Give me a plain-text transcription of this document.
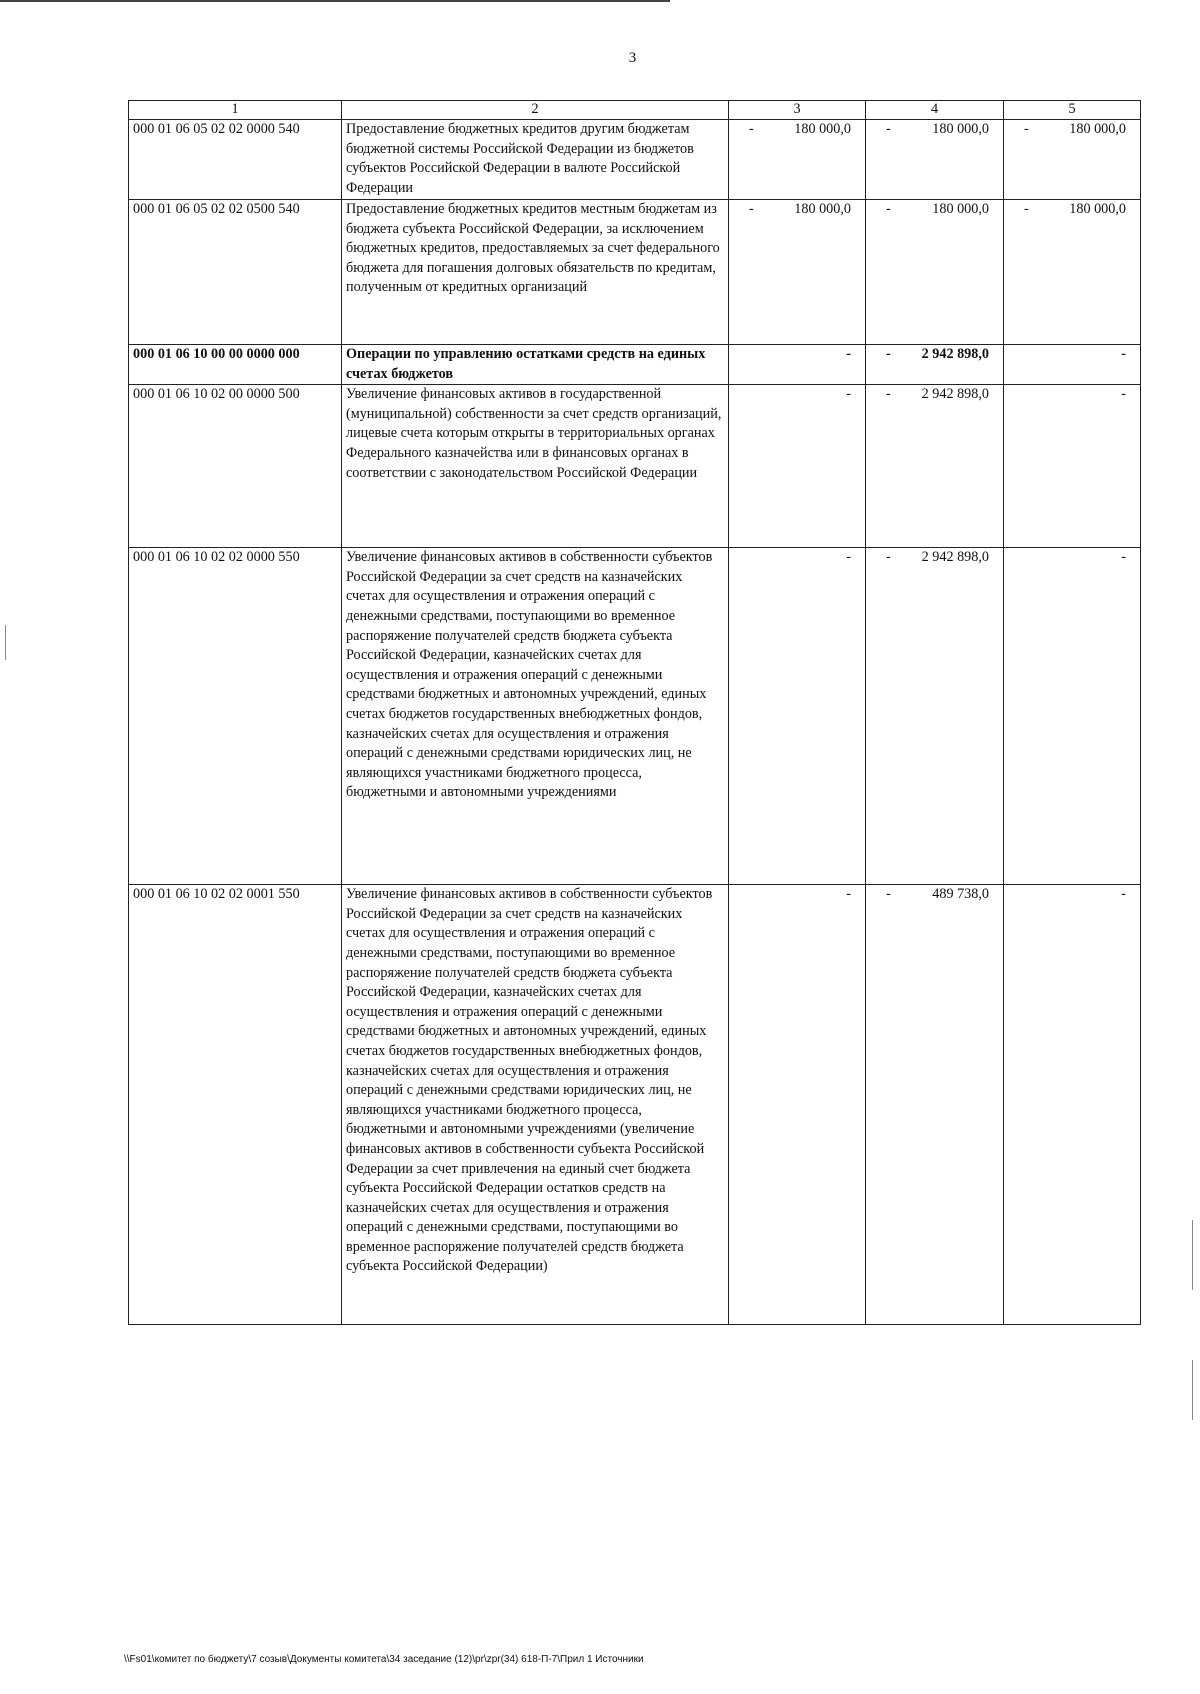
3
1	2	3	4	5
000 01 06 05 02 02 0000 540	Предоставление бюджетных кредитов другим бюджетам бюджетной системы Российской Федерации из бюджетов субъектов Российской Федерации в валюте Российской Федерации	- 180 000,0	- 180 000,0	- 180 000,0

000 01 06 05 02 02 0500 540	Предоставление бюджетных кредитов местным бюджетам из бюджета субъекта Российской Федерации, за исключением бюджетных кредитов, предоставляемых за счет федерального бюджета для погашения долговых обязательств по кредитам, полученным от кредитных организаций	- 180 000,0	- 180 000,0	- 180 000,0

000 01 06 10 00 00 0000 000	Операции по управлению остатками средств на единых счетах бюджетов	-	- 2 942 898,0	-

000 01 06 10 02 00 0000 500	Увеличение финансовых активов в государственной (муниципальной) собственности за счет средств организаций, лицевые счета которым открыты в территориальных органах Федерального казначейства или в финансовых органах в соответствии с законодательством Российской Федерации	-	- 2 942 898,0	-

000 01 06 10 02 02 0000 550	Увеличение финансовых активов в собственности субъектов Российской Федерации за счет средств на казначейских счетах для осуществления и отражения операций с денежными средствами, поступающими во временное распоряжение получателей средств бюджета субъекта Российской Федерации, казначейских счетах для осуществления и отражения операций с денежными средствами бюджетных и автономных учреждений, единых счетах бюджетов государственных внебюджетных фондов, казначейских счетах для осуществления и отражения операций с денежными средствами юридических лиц, не являющихся участниками бюджетного процесса, бюджетными и автономными учреждениями	-	- 2 942 898,0	-

000 01 06 10 02 02 0001 550	Увеличение финансовых активов в собственности субъектов Российской Федерации за счет средств на казначейских счетах для осуществления и отражения операций с денежными средствами, поступающими во временное распоряжение получателей средств бюджета субъекта Российской Федерации, казначейских счетах для осуществления и отражения операций с денежными средствами бюджетных и автономных учреждений, единых счетах бюджетов государственных внебюджетных фондов, казначейских счетах для осуществления и отражения операций с денежными средствами юридических лиц, не являющихся участниками бюджетного процесса, бюджетными и автономными учреждениями (увеличение финансовых активов в собственности субъекта Российской Федерации за счет привлечения на единый счет бюджета субъекта Российской Федерации остатков средств на казначейских счетах для осуществления и отражения операций с денежными средствами, поступающими во временное распоряжение получателей средств бюджета субъекта Российской Федерации)	-	- 489 738,0	-
\\Fs01\комитет по бюджету\7 созыв\Документы комитета\34 заседание (12)\pr\zpr(34) 618-П-7\Прил 1 Источники
